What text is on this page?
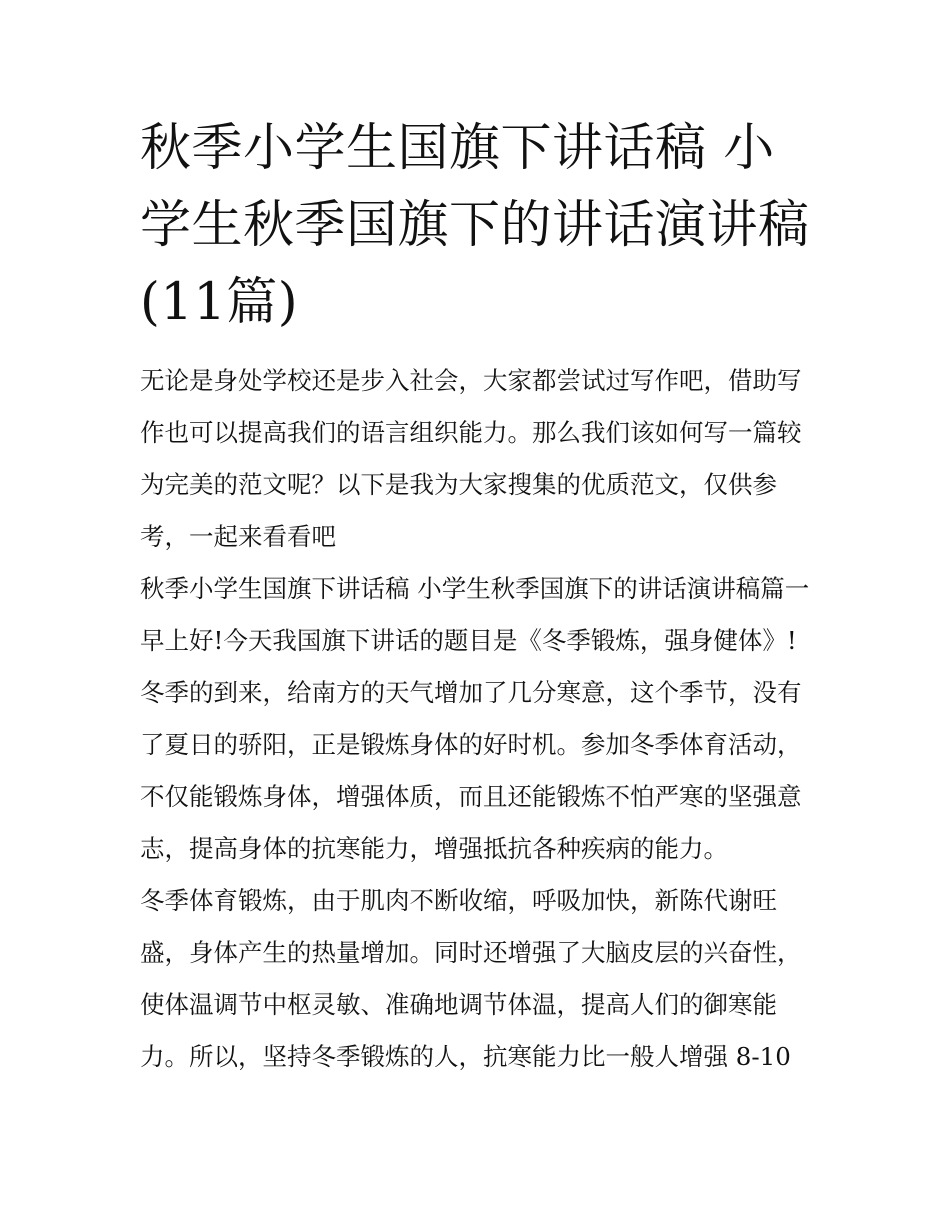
秋季小学生国旗下讲话稿 小学生秋季国旗下的讲话演讲稿(11篇)

无论是身处学校还是步入社会，大家都尝试过写作吧，借助写作也可以提高我们的语言组织能力。那么我们该如何写一篇较为完美的范文呢？以下是我为大家搜集的优质范文，仅供参考，一起来看看吧

秋季小学生国旗下讲话稿 小学生秋季国旗下的讲话演讲稿篇一 早上好!今天我国旗下讲话的题目是《冬季锻炼，强身健体》!

冬季的到来，给南方的天气增加了几分寒意，这个季节，没有了夏日的骄阳，正是锻炼身体的好时机。参加冬季体育活动，不仅能锻炼身体，增强体质，而且还能锻炼不怕严寒的坚强意志，提高身体的抗寒能力，增强抵抗各种疾病的能力。

冬季体育锻炼，由于肌肉不断收缩，呼吸加快，新陈代谢旺盛，身体产生的热量增加。同时还增强了大脑皮层的兴奋性，使体温调节中枢灵敏、准确地调节体温，提高人们的御寒能力。所以，坚持冬季锻炼的人，抗寒能力比一般人增强 8-10
